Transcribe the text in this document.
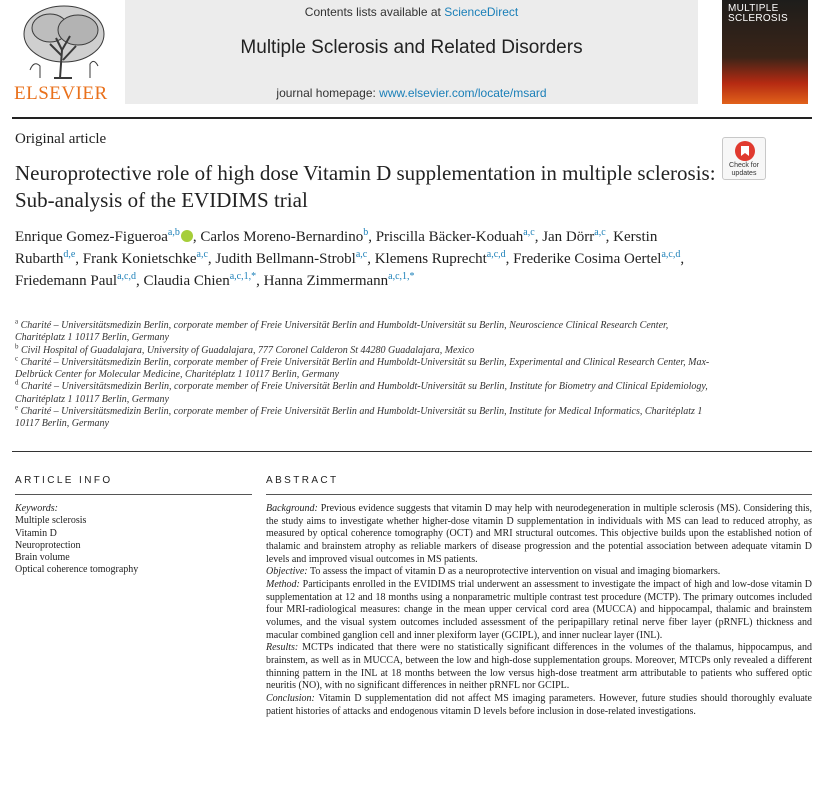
ELSEVIER
Contents lists available at ScienceDirect
Multiple Sclerosis and Related Disorders
journal homepage: www.elsevier.com/locate/msard
MULTIPLE SCLEROSIS
Original article
Neuroprotective role of high dose Vitamin D supplementation in multiple sclerosis: Sub-analysis of the EVIDIMS trial
Check for updates
Enrique Gomez-Figueroa$^{a,b}$ , Carlos Moreno-Bernardino$^b$, Priscilla Bäcker-Koduah$^{a,c}$, Jan Dörr$^{a,c}$, Kerstin Rubarth$^{d,e}$, Frank Konietschke$^{a,c}$, Judith Bellmann-Strobl$^{a,c}$, Klemens Ruprecht$^{a,c,d}$, Frederike Cosima Oertel$^{a,c,d}$, Friedemann Paul$^{a,c,d}$, Claudia Chien$^{a,c,1,*}$, Hanna Zimmermann$^{a,c,1,*}$
$^a$ Charité – Universitätsmedizin Berlin, corporate member of Freie Universität Berlin and Humboldt-Universität su Berlin, Neuroscience Clinical Research Center, Charitéplatz 1 10117 Berlin, Germany
$^b$ Civil Hospital of Guadalajara, University of Guadalajara, 777 Coronel Calderon St 44280 Guadalajara, Mexico
$^c$ Charité – Universitätsmedizin Berlin, corporate member of Freie Universität Berlin and Humboldt-Universität su Berlin, Experimental and Clinical Research Center, Max-Delbrück Center for Molecular Medicine, Charitéplatz 1 10117 Berlin, Germany
$^d$ Charité – Universitätsmedizin Berlin, corporate member of Freie Universität Berlin and Humboldt-Universität su Berlin, Institute for Biometry and Clinical Epidemiology, Charitéplatz 1 10117 Berlin, Germany
$^e$ Charité – Universitätsmedizin Berlin, corporate member of Freie Universität Berlin and Humboldt-Universität su Berlin, Institute for Medical Informatics, Charitéplatz 1 10117 Berlin, Germany
ARTICLE INFO
Keywords:
Multiple sclerosis
Vitamin D
Neuroprotection
Brain volume
Optical coherence tomography
ABSTRACT

Background: Previous evidence suggests that vitamin D may help with neurodegeneration in multiple sclerosis (MS). Considering this, the study aims to investigate whether higher-dose vitamin D supplementation in individuals with MS can lead to reduced atrophy, as measured by optical coherence tomography (OCT) and MRI structural outcomes. This objective builds upon the established notion of thalamic and brainstem atrophy as reliable markers of disease progression and the potential association between adequate vitamin D levels and improved visual outcomes in MS patients.

Objective: To assess the impact of vitamin D as a neuroprotective intervention on visual and imaging biomarkers.

Method: Participants enrolled in the EVIDIMS trial underwent an assessment to investigate the impact of high and low-dose vitamin D supplementation at 12 and 18 months using a nonparametric multiple contrast test procedure (MCTP). The primary outcomes included four MRI-radiological measures: change in the mean upper cervical cord area (MUCCA) and hippocampal, thalamic and brainstem volumes, and the visual system outcomes included assessment of the peripapillary retinal nerve fiber layer (pRNFL) thickness and macular combined ganglion cell and inner plexiform layer (GCIPL), and inner nuclear layer (INL).

Results: MCTPs indicated that there were no statistically significant differences in the volumes of the thalamus, hippocampus, and brainstem, as well as in MUCCA, between the low and high-dose supplementation groups. Moreover, MTCPs only revealed a different thinning pattern in the INL at 18 months between the low versus high-dose treatment arm attributable to patients who suffered optic neuritis (NO), with no significant differences in neither pRNFL nor GCIPL.

Conclusion: Vitamin D supplementation did not affect MS imaging parameters. However, future studies should thoroughly evaluate patient histories of attacks and endogenous vitamin D levels before inclusion in dose-related investigations.
